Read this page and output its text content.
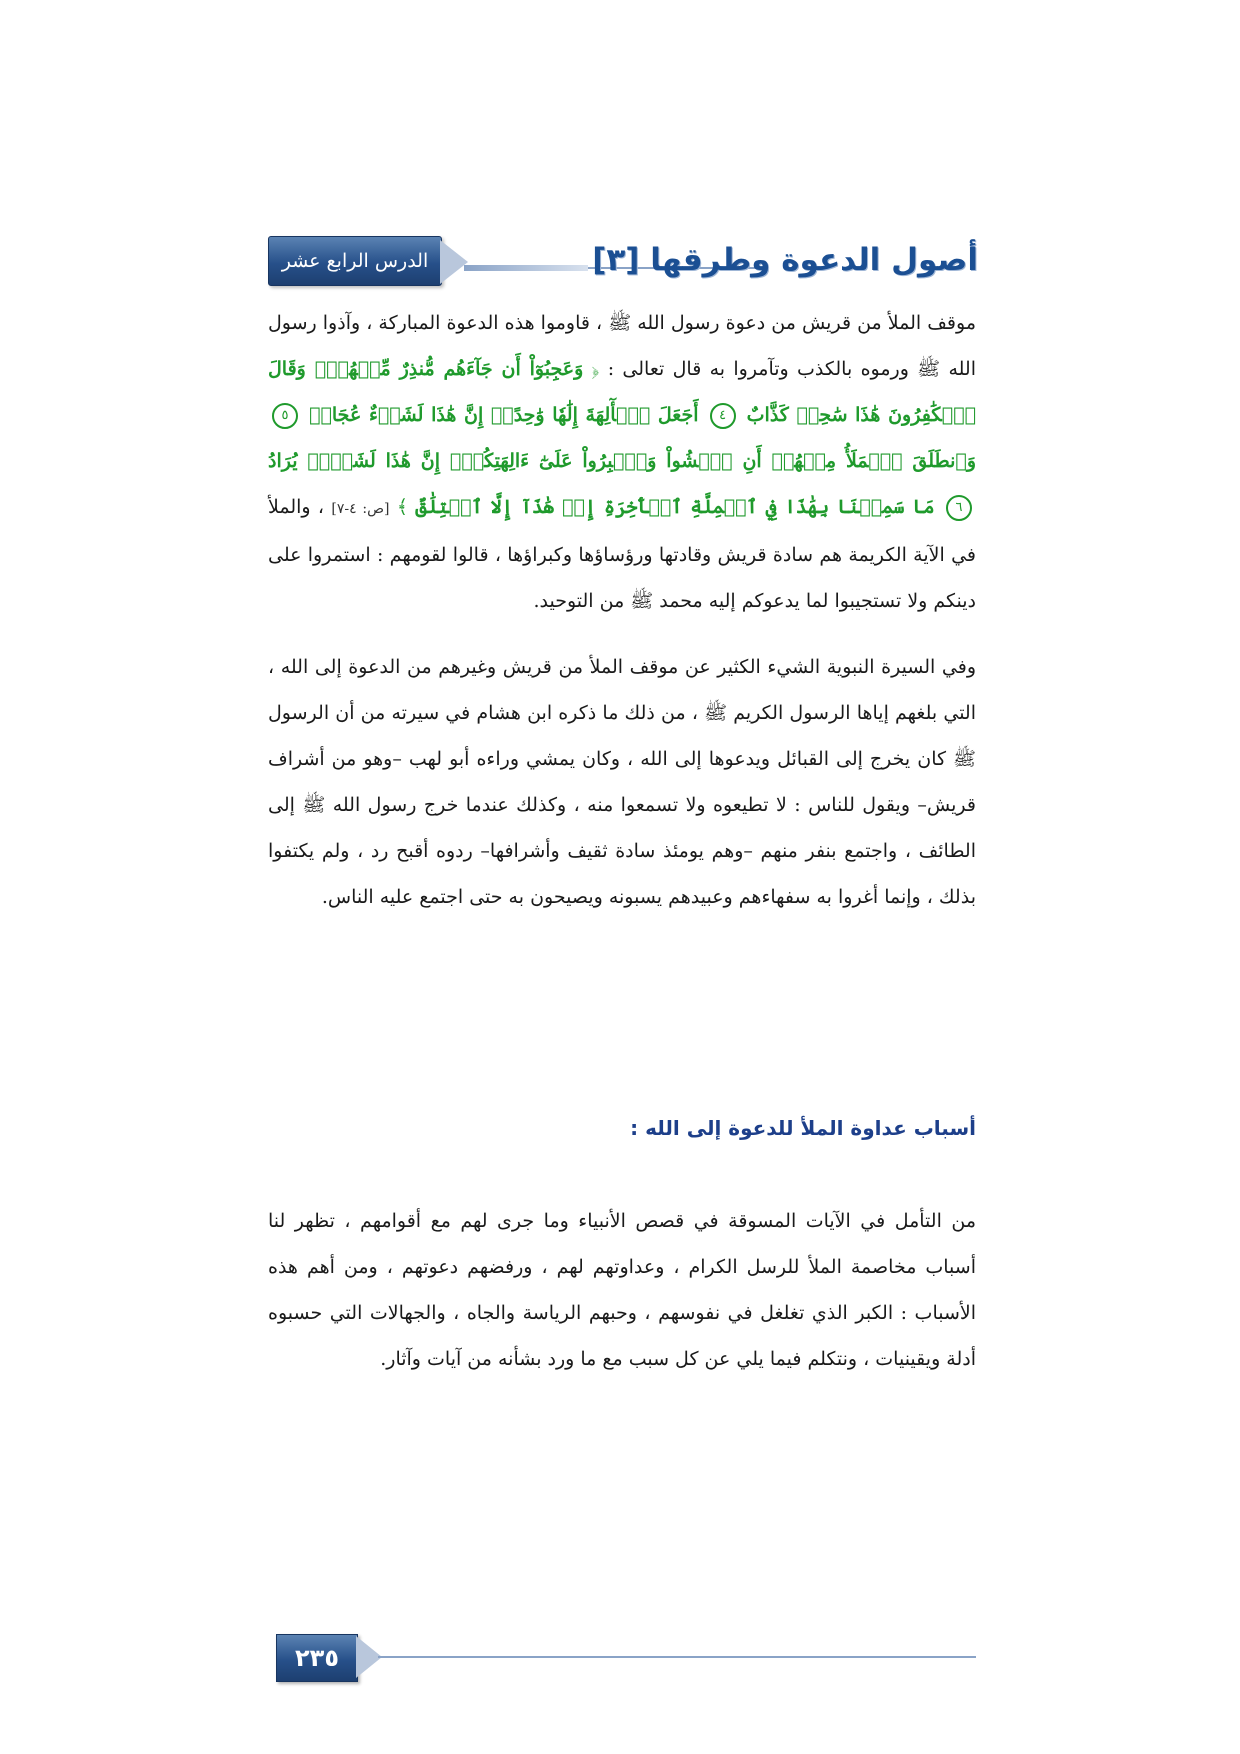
الدرس الرابع عشر	أصول الدعوة وطرقها [٣]

موقف الملأ من قريش من دعوة رسول الله ﷺ ، قاوموا هذه الدعوة المباركة ، وآذوا رسول الله ﷺ ورموه بالكذب وتآمروا به قال تعالى : ﴿ وَعَجِبُوٓاْ أَن جَآءَهُم مُّنذِرٌ مِّنۡهُمۡۖ وَقَالَ ٱلۡكَٰفِرُونَ هَٰذَا سَٰحِرٞ كَذَّابٌ ٤ أَجَعَلَ ٱلۡأٓلِهَةَ إِلَٰهٗا وَٰحِدًاۖ إِنَّ هَٰذَا لَشَيۡءٌ عُجَابٞ ٥ وَٱنطَلَقَ ٱلۡمَلَأُ مِنۡهُمۡ أَنِ ٱمۡشُواْ وَٱصۡبِرُواْ عَلَىٰٓ ءَالِهَتِكُمۡۖ إِنَّ هَٰذَا لَشَيۡءٞ يُرَادُ ٦ مَا سَمِعۡنَا بِهَٰذَا فِي ٱلۡمِلَّةِ ٱلۡأٓخِرَةِ إِنۡ هَٰذَآ إِلَّا ٱخۡتِلَٰقٌ ﴾ [ص: ٤-٧] ، والملأ في الآية الكريمة هم سادة قريش وقادتها ورؤساؤها وكبراؤها ، قالوا لقومهم : استمروا على دينكم ولا تستجيبوا لما يدعوكم إليه محمد ﷺ من التوحيد.

وفي السيرة النبوية الشيء الكثير عن موقف الملأ من قريش وغيرهم من الدعوة إلى الله ، التي بلغهم إياها الرسول الكريم ﷺ ، من ذلك ما ذكره ابن هشام في سيرته من أن الرسول ﷺ كان يخرج إلى القبائل ويدعوها إلى الله ، وكان يمشي وراءه أبو لهب –وهو من أشراف قريش– ويقول للناس : لا تطيعوه ولا تسمعوا منه ، وكذلك عندما خرج رسول الله ﷺ إلى الطائف ، واجتمع بنفر منهم –وهم يومئذ سادة ثقيف وأشرافها– ردوه أقبح رد ، ولم يكتفوا بذلك ، وإنما أغروا به سفهاءهم وعبيدهم يسبونه ويصيحون به حتى اجتمع عليه الناس.

أسباب عداوة الملأ للدعوة إلى الله :

من التأمل في الآيات المسوقة في قصص الأنبياء وما جرى لهم مع أقوامهم ، تظهر لنا أسباب مخاصمة الملأ للرسل الكرام ، وعداوتهم لهم ، ورفضهم دعوتهم ، ومن أهم هذه الأسباب : الكبر الذي تغلغل في نفوسهم ، وحبهم الرياسة والجاه ، والجهالات التي حسبوه أدلة ويقينيات ، ونتكلم فيما يلي عن كل سبب مع ما ورد بشأنه من آيات وآثار.

٢٣٥
